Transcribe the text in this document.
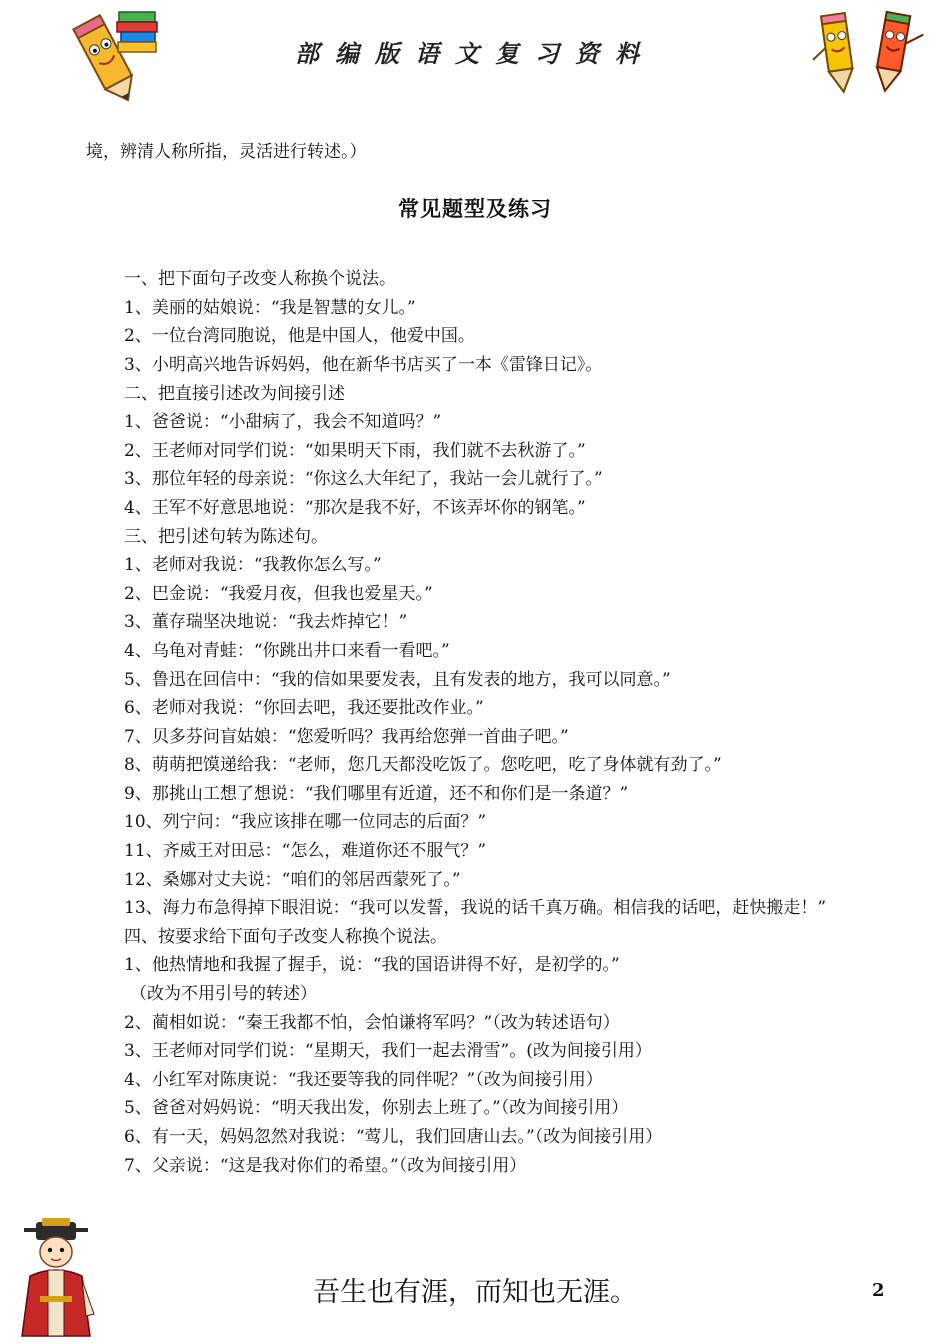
部编版语文复习资料

境，辨清人称所指，灵活进行转述。）

常见题型及练习

一、把下面句子改变人称换个说法。

1、美丽的姑娘说：“我是智慧的女儿。”

2、一位台湾同胞说，他是中国人，他爱中国。

3、小明高兴地告诉妈妈，他在新华书店买了一本《雷锋日记》。

二、把直接引述改为间接引述

1、爸爸说：“小甜病了，我会不知道吗？”

2、王老师对同学们说：“如果明天下雨，我们就不去秋游了。”

3、那位年轻的母亲说：“你这么大年纪了，我站一会儿就行了。”

4、王军不好意思地说：“那次是我不好，不该弄坏你的钢笔。”

三、把引述句转为陈述句。

1、老师对我说：“我教你怎么写。”

2、巴金说：“我爱月夜，但我也爱星天。”

3、董存瑞坚决地说：“我去炸掉它！”

4、乌龟对青蛙：“你跳出井口来看一看吧。”

5、鲁迅在回信中：“我的信如果要发表，且有发表的地方，我可以同意。”

6、老师对我说：“你回去吧，我还要批改作业。”

7、贝多芬问盲姑娘：“您爱听吗？我再给您弹一首曲子吧。”

8、萌萌把馍递给我：“老师，您几天都没吃饭了。您吃吧，吃了身体就有劲了。”

9、那挑山工想了想说：“我们哪里有近道，还不和你们是一条道？”

10、列宁问：“我应该排在哪一位同志的后面？”

11、齐威王对田忌：“怎么，难道你还不服气？”

12、桑娜对丈夫说：“咱们的邻居西蒙死了。”

13、海力布急得掉下眼泪说：“我可以发誓，我说的话千真万确。相信我的话吧，赶快搬走！”

四、按要求给下面句子改变人称换个说法。

1、他热情地和我握了握手，说：“我的国语讲得不好，是初学的。”

（改为不用引号的转述）

2、蔺相如说：“秦王我都不怕，会怕谦将军吗？”（改为转述语句）

3、王老师对同学们说：“星期天，我们一起去滑雪”。(改为间接引用）

4、小红军对陈庚说：“我还要等我的同伴呢？”（改为间接引用）

5、爸爸对妈妈说：“明天我出发，你别去上班了。”（改为间接引用）

6、有一天，妈妈忽然对我说：“莺儿，我们回唐山去。”（改为间接引用）

7、父亲说：“这是我对你们的希望。”（改为间接引用）

吾生也有涯，而知也无涯。	2
